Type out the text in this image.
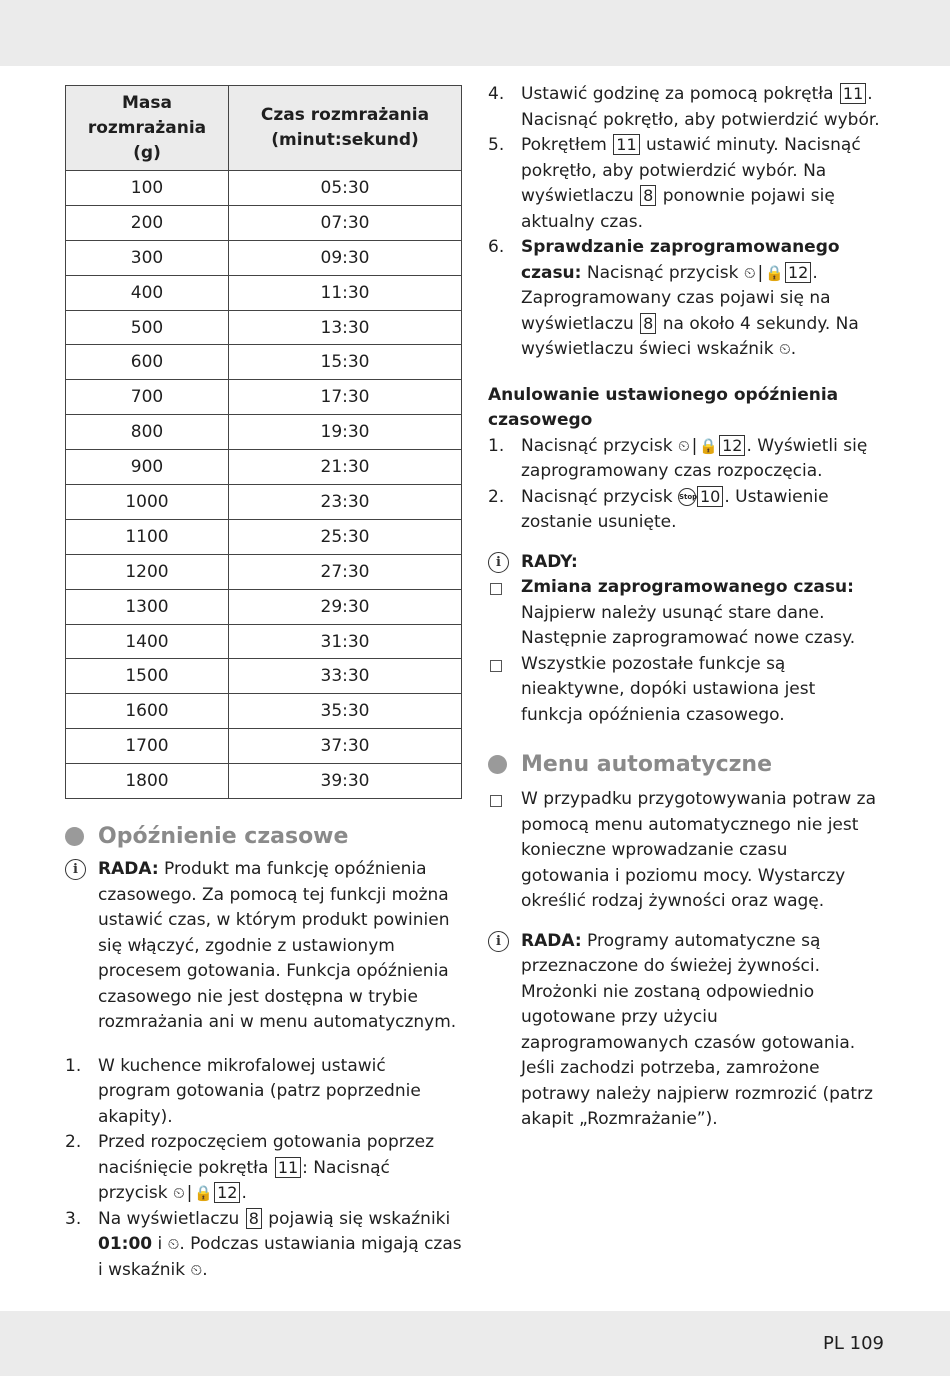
Masa rozmrażania (g)	Czas rozmrażania (minut:sekund)
100	05:30
200	07:30
300	09:30
400	11:30
500	13:30
600	15:30
700	17:30
800	19:30
900	21:30
1000	23:30
1100	25:30
1200	27:30
1300	29:30
1400	31:30
1500	33:30
1600	35:30
1700	37:30
1800	39:30
Opóźnienie czasowe
i	RADA: Produkt ma funkcję opóźnienia czasowego. Za pomocą tej funkcji można ustawić czas, w którym produkt powinien się włączyć, zgodnie z ustawionym procesem gotowania. Funkcja opóźnienia czasowego nie jest dostępna w trybie rozmrażania ani w menu automatycznym.
1. W kuchence mikrofalowej ustawić program gotowania (patrz poprzednie akapity).
2. Przed rozpoczęciem gotowania poprzez naciśnięcie pokrętła 11 : Nacisnąć przycisk ⏲ | 🔒 12 .
3. Na wyświetlaczu 8 pojawią się wskaźniki 01:00 i ⏲. Podczas ustawiania migają czas i wskaźnik ⏲.
4. Ustawić godzinę za pomocą pokrętła 11 . Nacisnąć pokrętło, aby potwierdzić wybór.
5. Pokrętłem 11 ustawić minuty. Nacisnąć pokrętło, aby potwierdzić wybór. Na wyświetlaczu 8 ponownie pojawi się aktualny czas.
6. Sprawdzanie zaprogramowanego czasu: Nacisnąć przycisk ⏲ | 🔒 12 . Zaprogramowany czas pojawi się na wyświetlaczu 8 na około 4 sekundy. Na wyświetlaczu świeci wskaźnik ⏲.
Anulowanie ustawionego opóźnienia czasowego
1. Nacisnąć przycisk ⏲ | 🔒 12 . Wyświetli się zaprogramowany czas rozpoczęcia.
2. Nacisnąć przycisk Stop 10 . Ustawienie zostanie usunięte.
i	RADY:
Zmiana zaprogramowanego czasu: Najpierw należy usunąć stare dane. Następnie zaprogramować nowe czasy.
Wszystkie pozostałe funkcje są nieaktywne, dopóki ustawiona jest funkcja opóźnienia czasowego.
Menu automatyczne
W przypadku przygotowywania potraw za pomocą menu automatycznego nie jest konieczne wprowadzanie czasu gotowania i poziomu mocy. Wystarczy określić rodzaj żywności oraz wagę.
i	RADA: Programy automatyczne są przeznaczone do świeżej żywności. Mrożonki nie zostaną odpowiednio ugotowane przy użyciu zaprogramowanych czasów gotowania. Jeśli zachodzi potrzeba, zamrożone potrawy należy najpierw rozmrozić (patrz akapit „Rozmrażanie”).
PL 109
